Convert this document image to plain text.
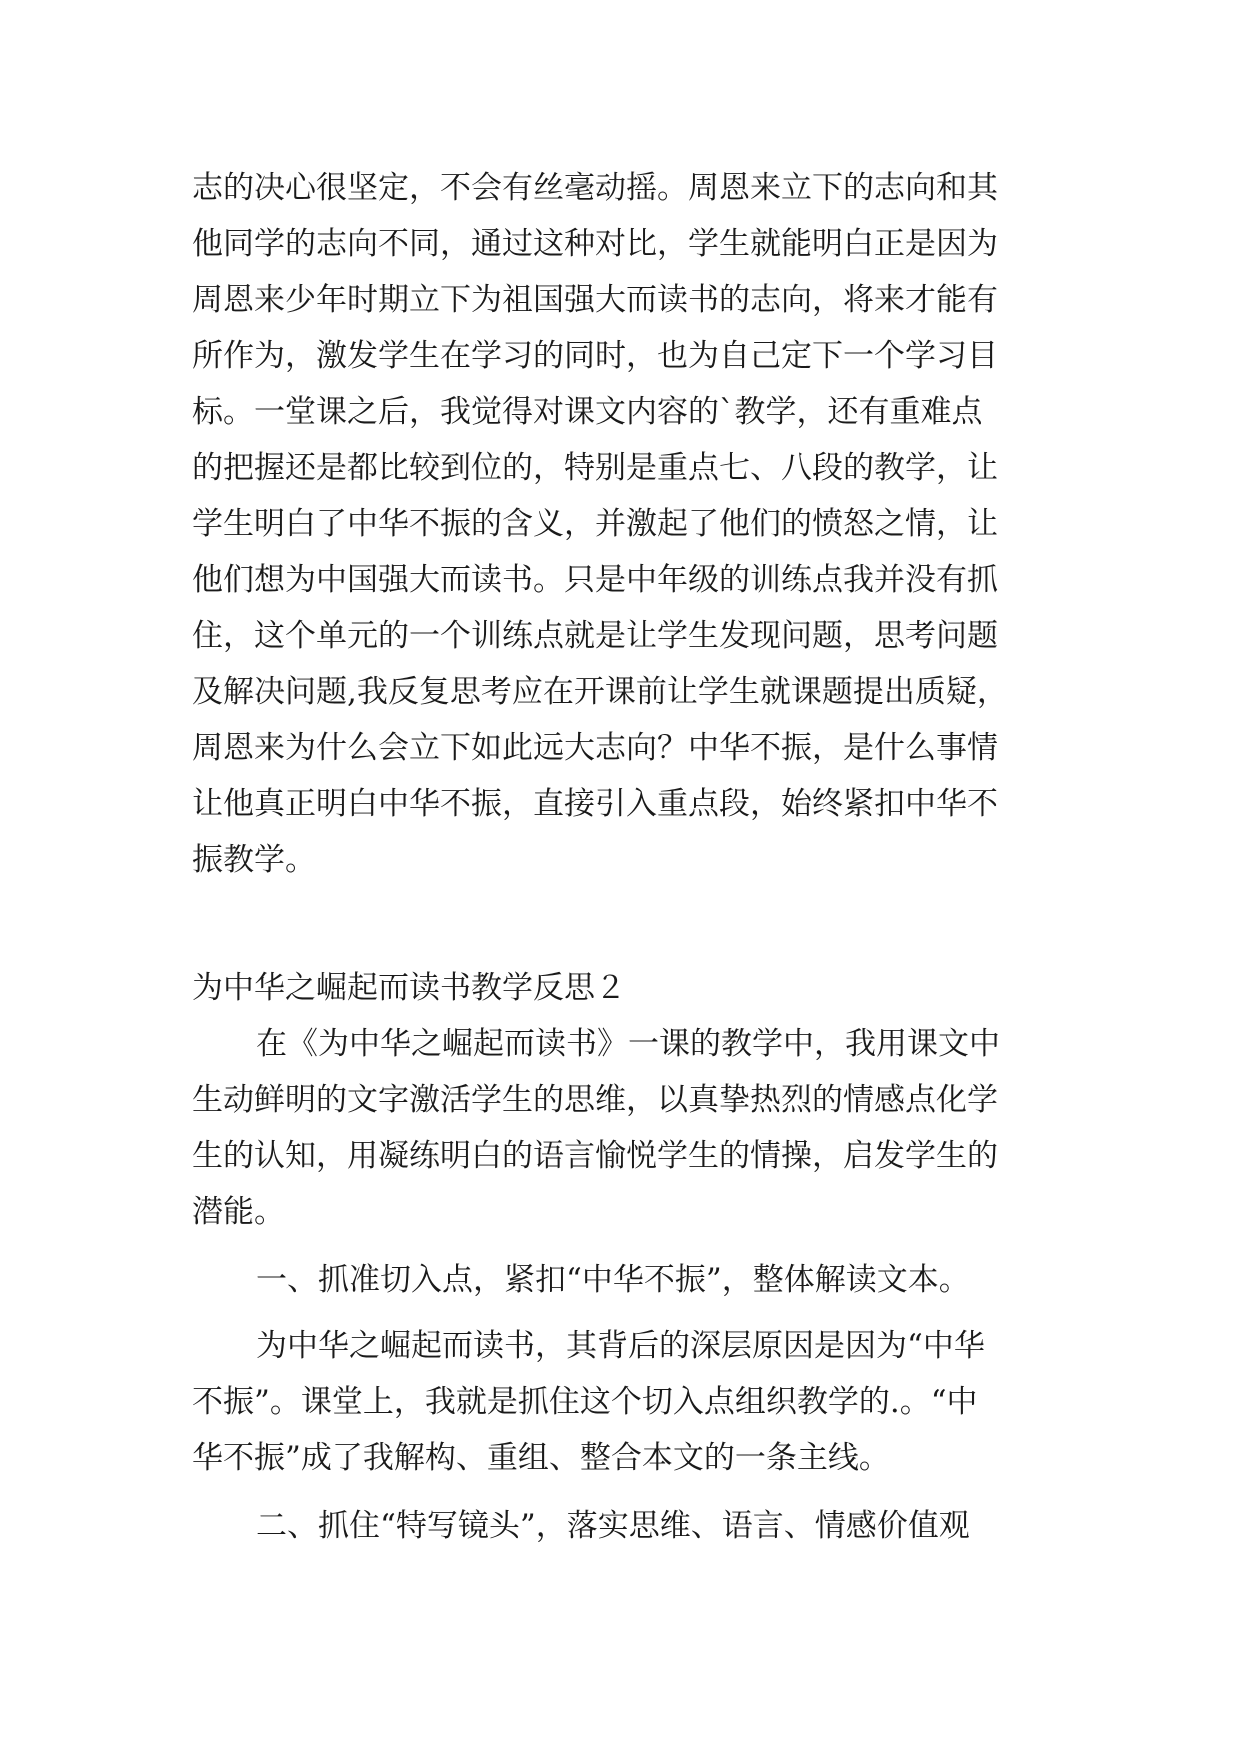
志的决心很坚定，不会有丝毫动摇。周恩来立下的志向和其
他同学的志向不同，通过这种对比，学生就能明白正是因为
周恩来少年时期立下为祖国强大而读书的志向，将来才能有
所作为，激发学生在学习的同时，也为自己定下一个学习目
标。一堂课之后，我觉得对课文内容的`教学，还有重难点
的把握还是都比较到位的，特别是重点七、八段的教学，让
学生明白了中华不振的含义，并激起了他们的愤怒之情，让
他们想为中国强大而读书。只是中年级的训练点我并没有抓
住，这个单元的一个训练点就是让学生发现问题，思考问题
及解决问题,我反复思考应在开课前让学生就课题提出质疑，
周恩来为什么会立下如此远大志向？中华不振，是什么事情
让他真正明白中华不振，直接引入重点段，始终紧扣中华不
振教学。
为中华之崛起而读书教学反思２
在《为中华之崛起而读书》一课的教学中，我用课文中
生动鲜明的文字激活学生的思维，以真挚热烈的情感点化学
生的认知，用凝练明白的语言愉悦学生的情操，启发学生的
潜能。
一、抓准切入点，紧扣“中华不振”，整体解读文本。
为中华之崛起而读书，其背后的深层原因是因为“中华
不振”。课堂上，我就是抓住这个切入点组织教学的.。“中
华不振”成了我解构、重组、整合本文的一条主线。
二、抓住“特写镜头”，落实思维、语言、情感价值观
